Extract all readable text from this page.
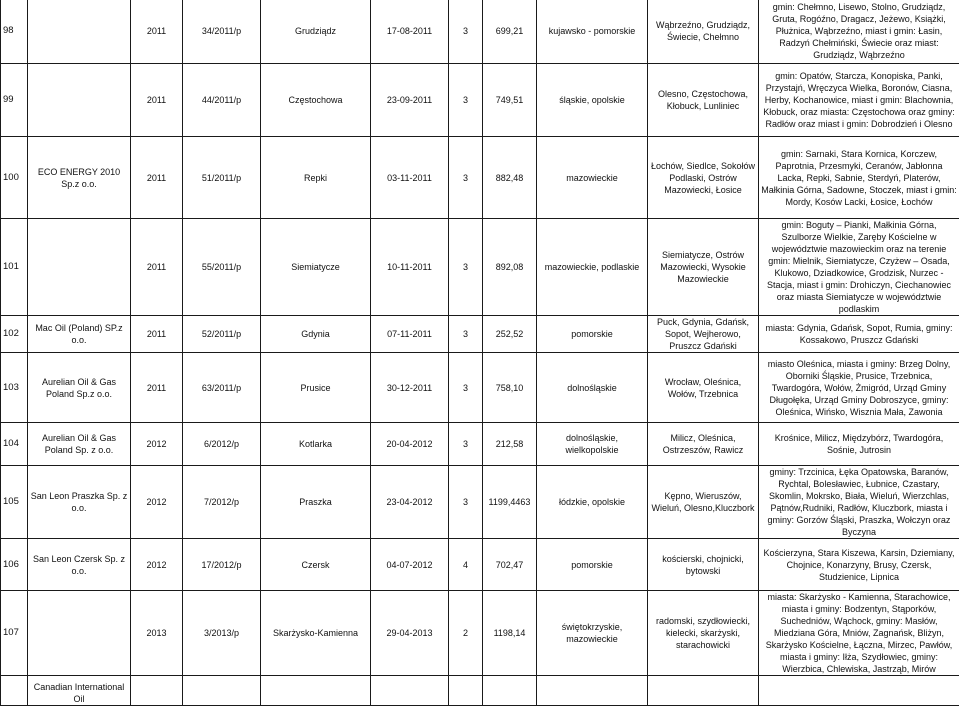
98		2011	34/2011/p	Grudziądz	17-08-2011	3	699,21	kujawsko - pomorskie	Wąbrzeźno, Grudziądz, Świecie, Chełmno	gmin: Chełmno, Lisewo, Stolno, Grudziądz, Gruta, Rogóźno, Dragacz, Jeżewo, Książki, Płużnica, Wąbrzeźno, miast i gmin: Łasin, Radzyń Chełmiński, Świecie oraz miast: Grudziądz, Wąbrzeźno
99		2011	44/2011/p	Częstochowa	23-09-2011	3	749,51	śląskie, opolskie	Olesno, Częstochowa, Kłobuck, Lunliniec	gmin: Opatów, Starcza, Konopiska, Panki, Przystajń, Wręczyca Wielka, Boronów, Ciasna, Herby, Kochanowice, miast i gmin: Blachownia, Kłobuck, oraz miasta: Częstochowa oraz gminy: Radłów oraz miast i gmin: Dobrodzień i Olesno
100	ECO ENERGY 2010 Sp.z o.o.	2011	51/2011/p	Repki	03-11-2011	3	882,48	mazowieckie	Łochów, Siedlce, Sokołów Podlaski, Ostrów Mazowiecki, Łosice	gmin: Sarnaki, Stara Kornica, Korczew, Paprotnia, Przesmyki, Ceranów, Jabłonna Lacka, Repki, Sabnie, Sterdyń, Platerów, Małkinia Górna, Sadowne, Stoczek, miast i gmin: Mordy, Kosów Lacki, Łosice, Łochów
101		2011	55/2011/p	Siemiatycze	10-11-2011	3	892,08	mazowieckie, podlaskie	Siemiatycze, Ostrów Mazowiecki, Wysokie Mazowieckie	gmin: Boguty – Pianki, Małkinia Górna, Szulborze Wielkie, Zaręby Kościelne w województwie mazowieckim oraz na terenie gmin: Mielnik, Siemiatycze, Czyżew – Osada, Klukowo, Dziadkowice, Grodzisk, Nurzec - Stacja, miast i gmin: Drohiczyn, Ciechanowiec oraz miasta Siemiatycze w województwie podlaskim
102	Mac Oil (Poland) SP.z o.o.	2011	52/2011/p	Gdynia	07-11-2011	3	252,52	pomorskie	Puck, Gdynia, Gdańsk, Sopot, Wejherowo, Pruszcz Gdański	miasta: Gdynia, Gdańsk, Sopot, Rumia, gminy: Kossakowo, Pruszcz Gdański
103	Aurelian Oil & Gas Poland Sp.z o.o.	2011	63/2011/p	Prusice	30-12-2011	3	758,10	dolnośląskie	Wrocław, Oleśnica, Wołów, Trzebnica	miasto Oleśnica, miasta i gminy: Brzeg Dolny, Oborniki Śląskie, Prusice, Trzebnica, Twardogóra, Wołów, Żmigród, Urząd Gminy Długołęka, Urząd Gminy Dobroszyce, gminy: Oleśnica, Wińsko, Wisznia Mała, Zawonia
104	Aurelian Oil & Gas Poland Sp. z o.o.	2012	6/2012/p	Kotlarka	20-04-2012	3	212,58	dolnośląskie, wielkopolskie	Milicz, Oleśnica, Ostrzeszów, Rawicz	Krośnice, Milicz, Międzybórz, Twardogóra, Sośnie, Jutrosin
105	San Leon Praszka Sp. z o.o.	2012	7/2012/p	Praszka	23-04-2012	3	1199,4463	łódzkie, opolskie	Kępno, Wieruszów, Wieluń, Olesno,Kluczbork	gminy: Trzcinica, Łęka Opatowska, Baranów, Rychtal, Bolesławiec, Łubnice, Czastary, Skomlin, Mokrsko, Biała, Wieluń, Wierzchlas, Pątnów,Rudniki, Radłów, Kluczbork, miasta i gminy: Gorzów Śląski, Praszka, Wołczyn oraz Byczyna
106	San Leon Czersk Sp. z o.o.	2012	17/2012/p	Czersk	04-07-2012	4	702,47	pomorskie	kościerski, chojnicki, bytowski	Kościerzyna, Stara Kiszewa, Karsin, Dziemiany, Chojnice, Konarzyny, Brusy, Czersk, Studzienice, Lipnica
107		2013	3/2013/p	Skarżysko-Kamienna	29-04-2013	2	1198,14	świętokrzyskie, mazowieckie	radomski, szydłowiecki, kielecki, skarżyski, starachowicki	miasta: Skarżysko - Kamienna, Starachowice, miasta i gminy: Bodzentyn, Stąporków, Suchedniów, Wąchock, gminy: Masłów, Miedziana Góra, Mniów, Zagnańsk, Bliżyn, Skarżysko Kościelne, Łączna, Mirzec, Pawłów, miasta i gminy: Iłża, Szydłowiec, gminy: Wierzbica, Chlewiska, Jastrząb, Mirów
	Canadian International Oil									
